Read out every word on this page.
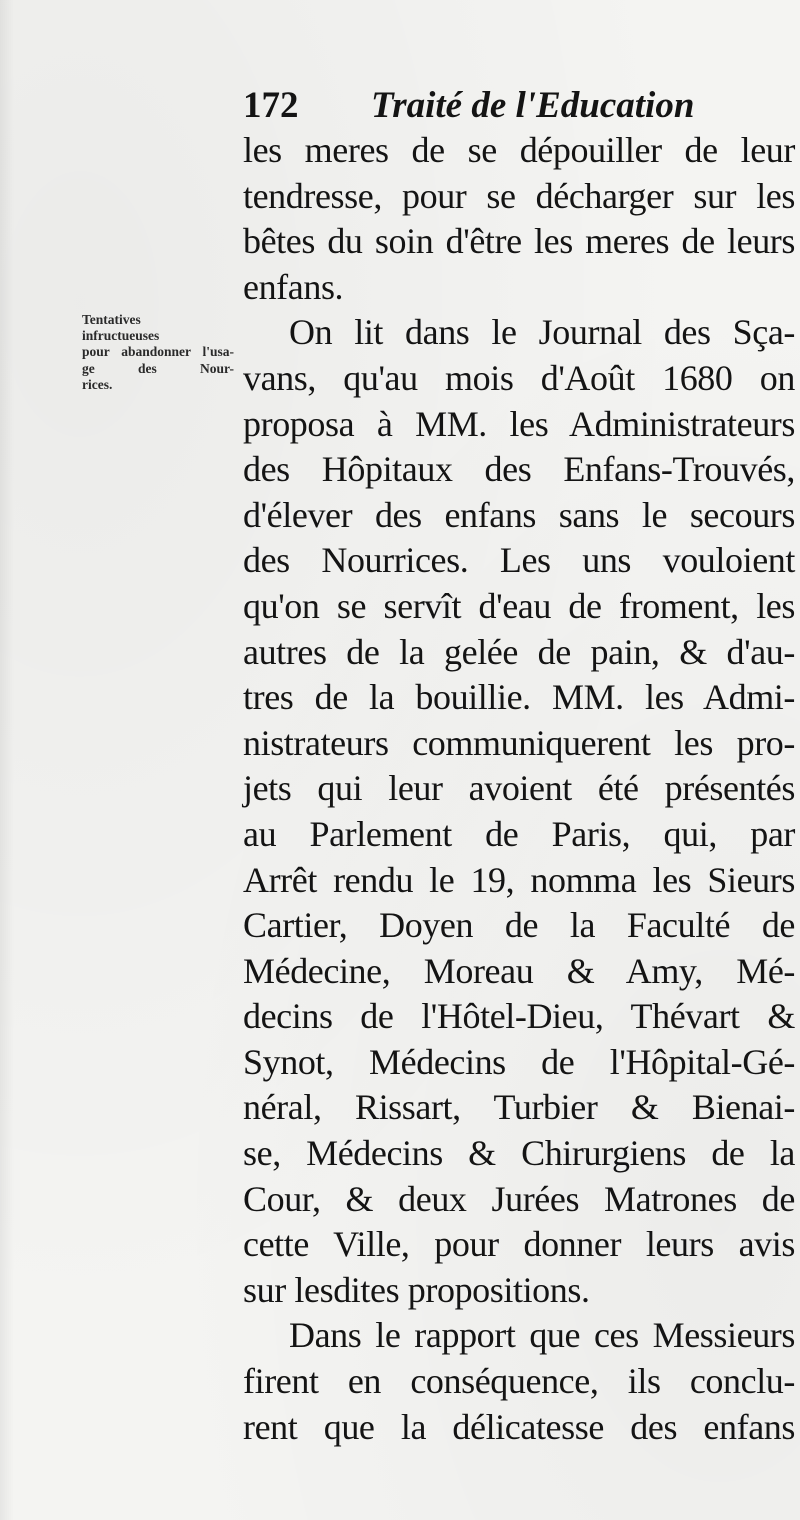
172 Traité de l'Education
Tentatives
infructueuses
pour abandonner l'usa-
ge des Nour-
rices.
les meres de se dépouiller de leur
tendresse, pour se décharger sur les
bêtes du soin d'être les meres de leurs
enfans.
On lit dans le Journal des Sça-
vans, qu'au mois d'Août 1680 on
proposa à MM. les Administrateurs
des Hôpitaux des Enfans-Trouvés,
d'élever des enfans sans le secours
des Nourrices. Les uns vouloient
qu'on se servît d'eau de froment, les
autres de la gelée de pain, & d'au-
tres de la bouillie. MM. les Admi-
nistrateurs communiquerent les pro-
jets qui leur avoient été présentés
au Parlement de Paris, qui, par
Arrêt rendu le 19, nomma les Sieurs
Cartier, Doyen de la Faculté de
Médecine, Moreau & Amy, Mé-
decins de l'Hôtel-Dieu, Thévart &
Synot, Médecins de l'Hôpital-Gé-
néral, Rissart, Turbier & Bienai-
se, Médecins & Chirurgiens de la
Cour, & deux Jurées Matrones de
cette Ville, pour donner leurs avis
sur lesdites propositions.
Dans le rapport que ces Messieurs
firent en conséquence, ils conclu-
rent que la délicatesse des enfans
